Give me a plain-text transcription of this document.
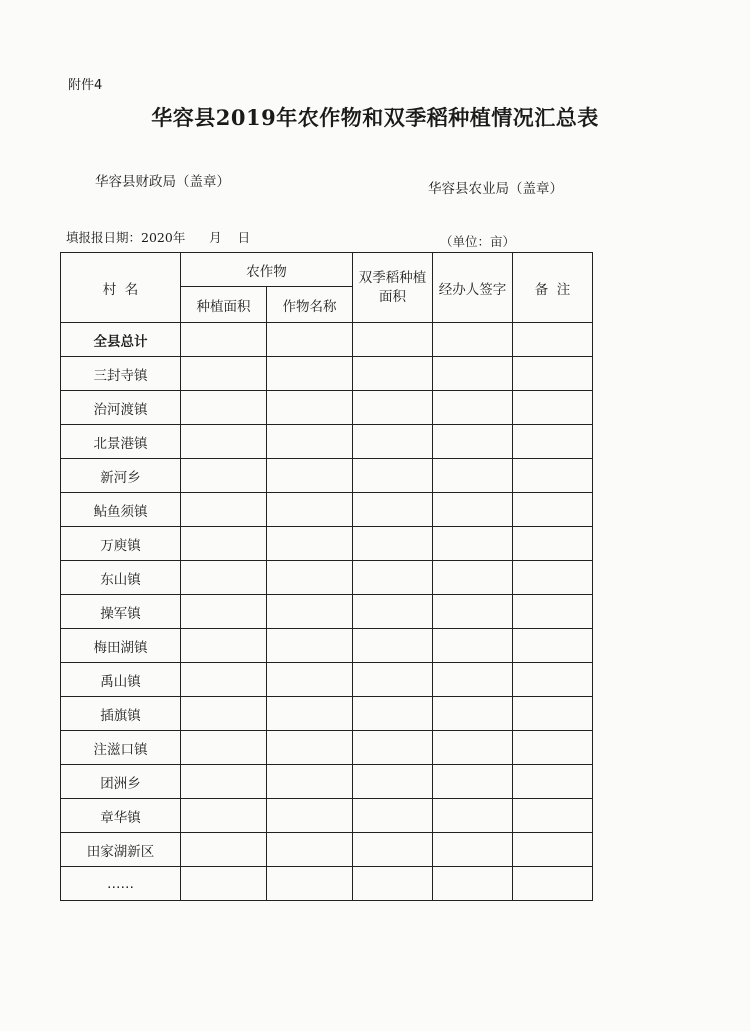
附件4
华容县2019年农作物和双季稻种植情况汇总表
华容县财政局（盖章）	华容县农业局（盖章）
填报报日期：2020年 月 日	（单位：亩）
村  名	农作物		双季稻种植面积	经办人签字	备  注
	种植面积	作物名称			
全县总计					
三封寺镇					
治河渡镇					
北景港镇					
新河乡					
鲇鱼须镇					
万庾镇					
东山镇					
操军镇					
梅田湖镇					
禹山镇					
插旗镇					
注滋口镇					
团洲乡					
章华镇					
田家湖新区					
……					
